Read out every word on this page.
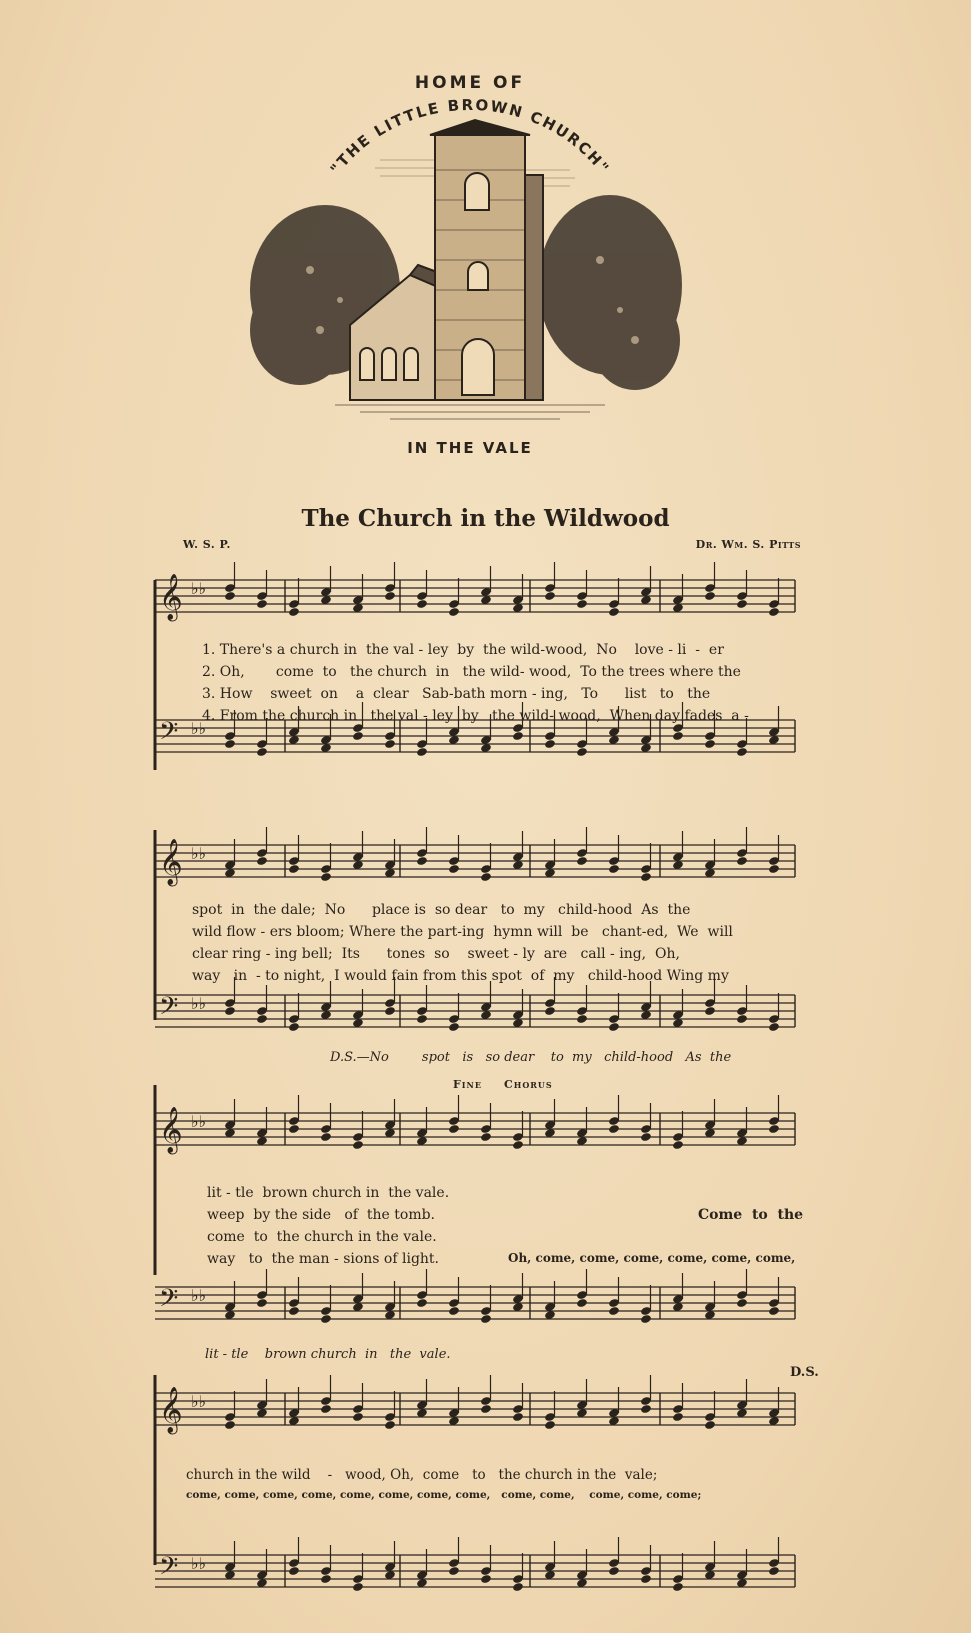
HOME OF
"THE LITTLE BROWN CHURCH"
IN THE VALE
The Church in the Wildwood
W. S. P.	Dr. Wm. S. Pitts
𝄞 ♭♭
𝄢 ♭♭
1. There's a church in  the val - ley  by  the wild-wood,  No    love - li  -  er
2. Oh,       come  to   the church  in   the wild- wood,  To the trees where the
3. How    sweet  on    a  clear   Sab-bath morn - ing,   To      list   to   the
4. From the church in   the val - ley  by   the wild- wood,  When day fades  a -
𝄞 ♭♭
𝄢 ♭♭
spot  in  the dale;  No      place is  so dear   to  my   child-hood  As  the
wild flow - ers bloom; Where the part-ing  hymn will  be   chant-ed,  We  will
clear ring - ing bell;  Its      tones  so    sweet - ly  are   call - ing,  Oh,
way   in  - to night,  I would fain from this spot  of  my   child-hood Wing my
D.S.—No        spot   is   so dear    to  my   child-hood   As  the
Fine Chorus
𝄞 ♭♭
𝄢 ♭♭
lit - tle  brown church in  the vale.
weep  by the side   of  the tomb.
come  to  the church in the vale.
way   to  the man - sions of light.
Come  to  the
Oh, come, come, come, come, come, come,
lit - tle    brown church  in   the  vale.
D.S.
𝄞 ♭♭
𝄢 ♭♭
church in the wild    -   wood, Oh,  come   to   the church in the  vale;
come, come, come, come, come, come, come, come,   come, come,    come, come, come;
